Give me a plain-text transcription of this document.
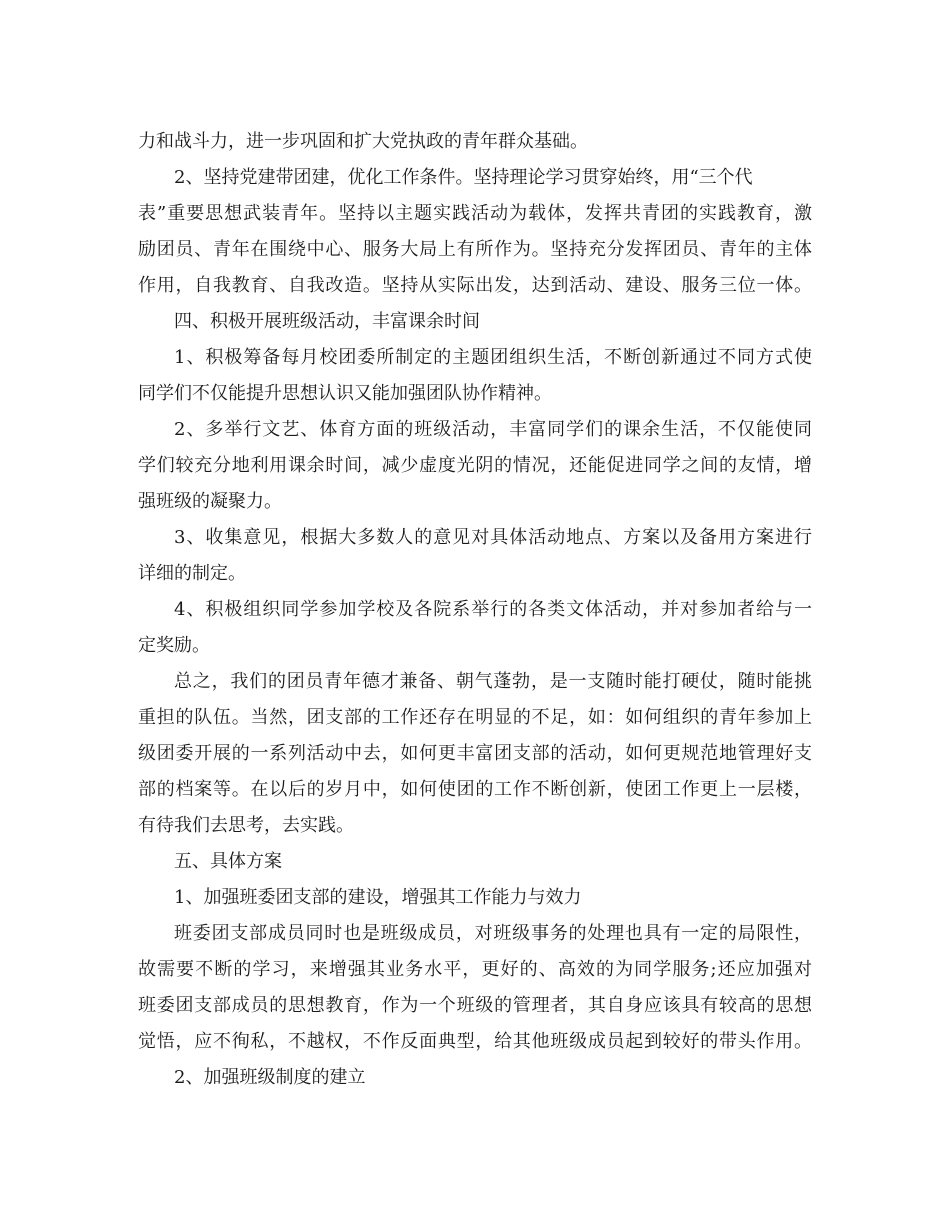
力和战斗力，进一步巩固和扩大党执政的青年群众基础。
2、坚持党建带团建，优化工作条件。坚持理论学习贯穿始终，用“三个代
表”重要思想武装青年。坚持以主题实践活动为载体，发挥共青团的实践教育，激
励团员、青年在围绕中心、服务大局上有所作为。坚持充分发挥团员、青年的主体
作用，自我教育、自我改造。坚持从实际出发，达到活动、建设、服务三位一体。
四、积极开展班级活动，丰富课余时间
1、积极筹备每月校团委所制定的主题团组织生活，不断创新通过不同方式使
同学们不仅能提升思想认识又能加强团队协作精神。
2、多举行文艺、体育方面的班级活动，丰富同学们的课余生活，不仅能使同
学们较充分地利用课余时间，减少虚度光阴的情况，还能促进同学之间的友情，增
强班级的凝聚力。
3、收集意见，根据大多数人的意见对具体活动地点、方案以及备用方案进行
详细的制定。
4、积极组织同学参加学校及各院系举行的各类文体活动，并对参加者给与一
定奖励。
总之，我们的团员青年德才兼备、朝气蓬勃，是一支随时能打硬仗，随时能挑
重担的队伍。当然，团支部的工作还存在明显的不足，如：如何组织的青年参加上
级团委开展的一系列活动中去，如何更丰富团支部的活动，如何更规范地管理好支
部的档案等。在以后的岁月中，如何使团的工作不断创新，使团工作更上一层楼，
有待我们去思考，去实践。
五、具体方案
1、加强班委团支部的建设，增强其工作能力与效力
班委团支部成员同时也是班级成员，对班级事务的处理也具有一定的局限性，
故需要不断的学习，来增强其业务水平，更好的、高效的为同学服务;还应加强对
班委团支部成员的思想教育，作为一个班级的管理者，其自身应该具有较高的思想
觉悟，应不徇私，不越权，不作反面典型，给其他班级成员起到较好的带头作用。
2、加强班级制度的建立
